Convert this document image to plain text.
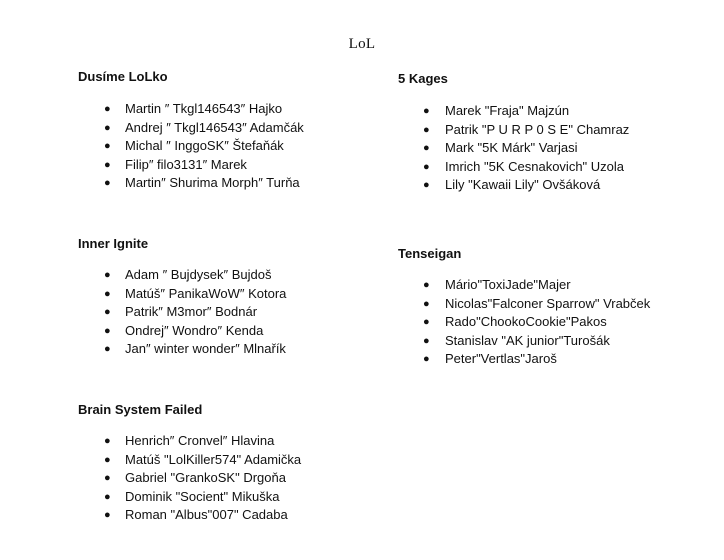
LoL
Dusíme LoLko
● Martin ″ Tkgl146543″ Hajko
● Andrej ″ Tkgl146543″ Adamčák
● Michal ″ InggoSK″ Štefaňák
● Filip″ filo3131″ Marek
● Martin″ Shurima Morph″ Turňa
Inner Ignite
● Adam ″ Bujdysek″ Bujdoš
● Matúš″ PanikaWoW″ Kotora
● Patrik″ M3mor″ Bodnár
● Ondrej″ Wondro″ Kenda
● Jan″ winter wonder″ Mlnařík
Brain System Failed
● Henrich″ Cronvel″ Hlavina
● Matúš "LolKiller574" Adamička
● Gabriel "GrankoSK" Drgoňa
● Dominik "Socient" Mikuška
● Roman "Albus"007" Cadaba
5 Kages
● Marek "Fraja" Majzún
● Patrik "P U R P 0 S E" Chamraz
● Mark "5K Márk" Varjasi
● Imrich "5K Cesnakovich" Uzola
● Lily "Kawaii Lily" Ovšáková
Tenseigan
● Mário"ToxiJade"Majer
● Nicolas"Falconer Sparrow" Vrabček
● Rado"ChookoCookie"Pakos
● Stanislav "AK junior"Turošák
● Peter"Vertlas"Jaroš
